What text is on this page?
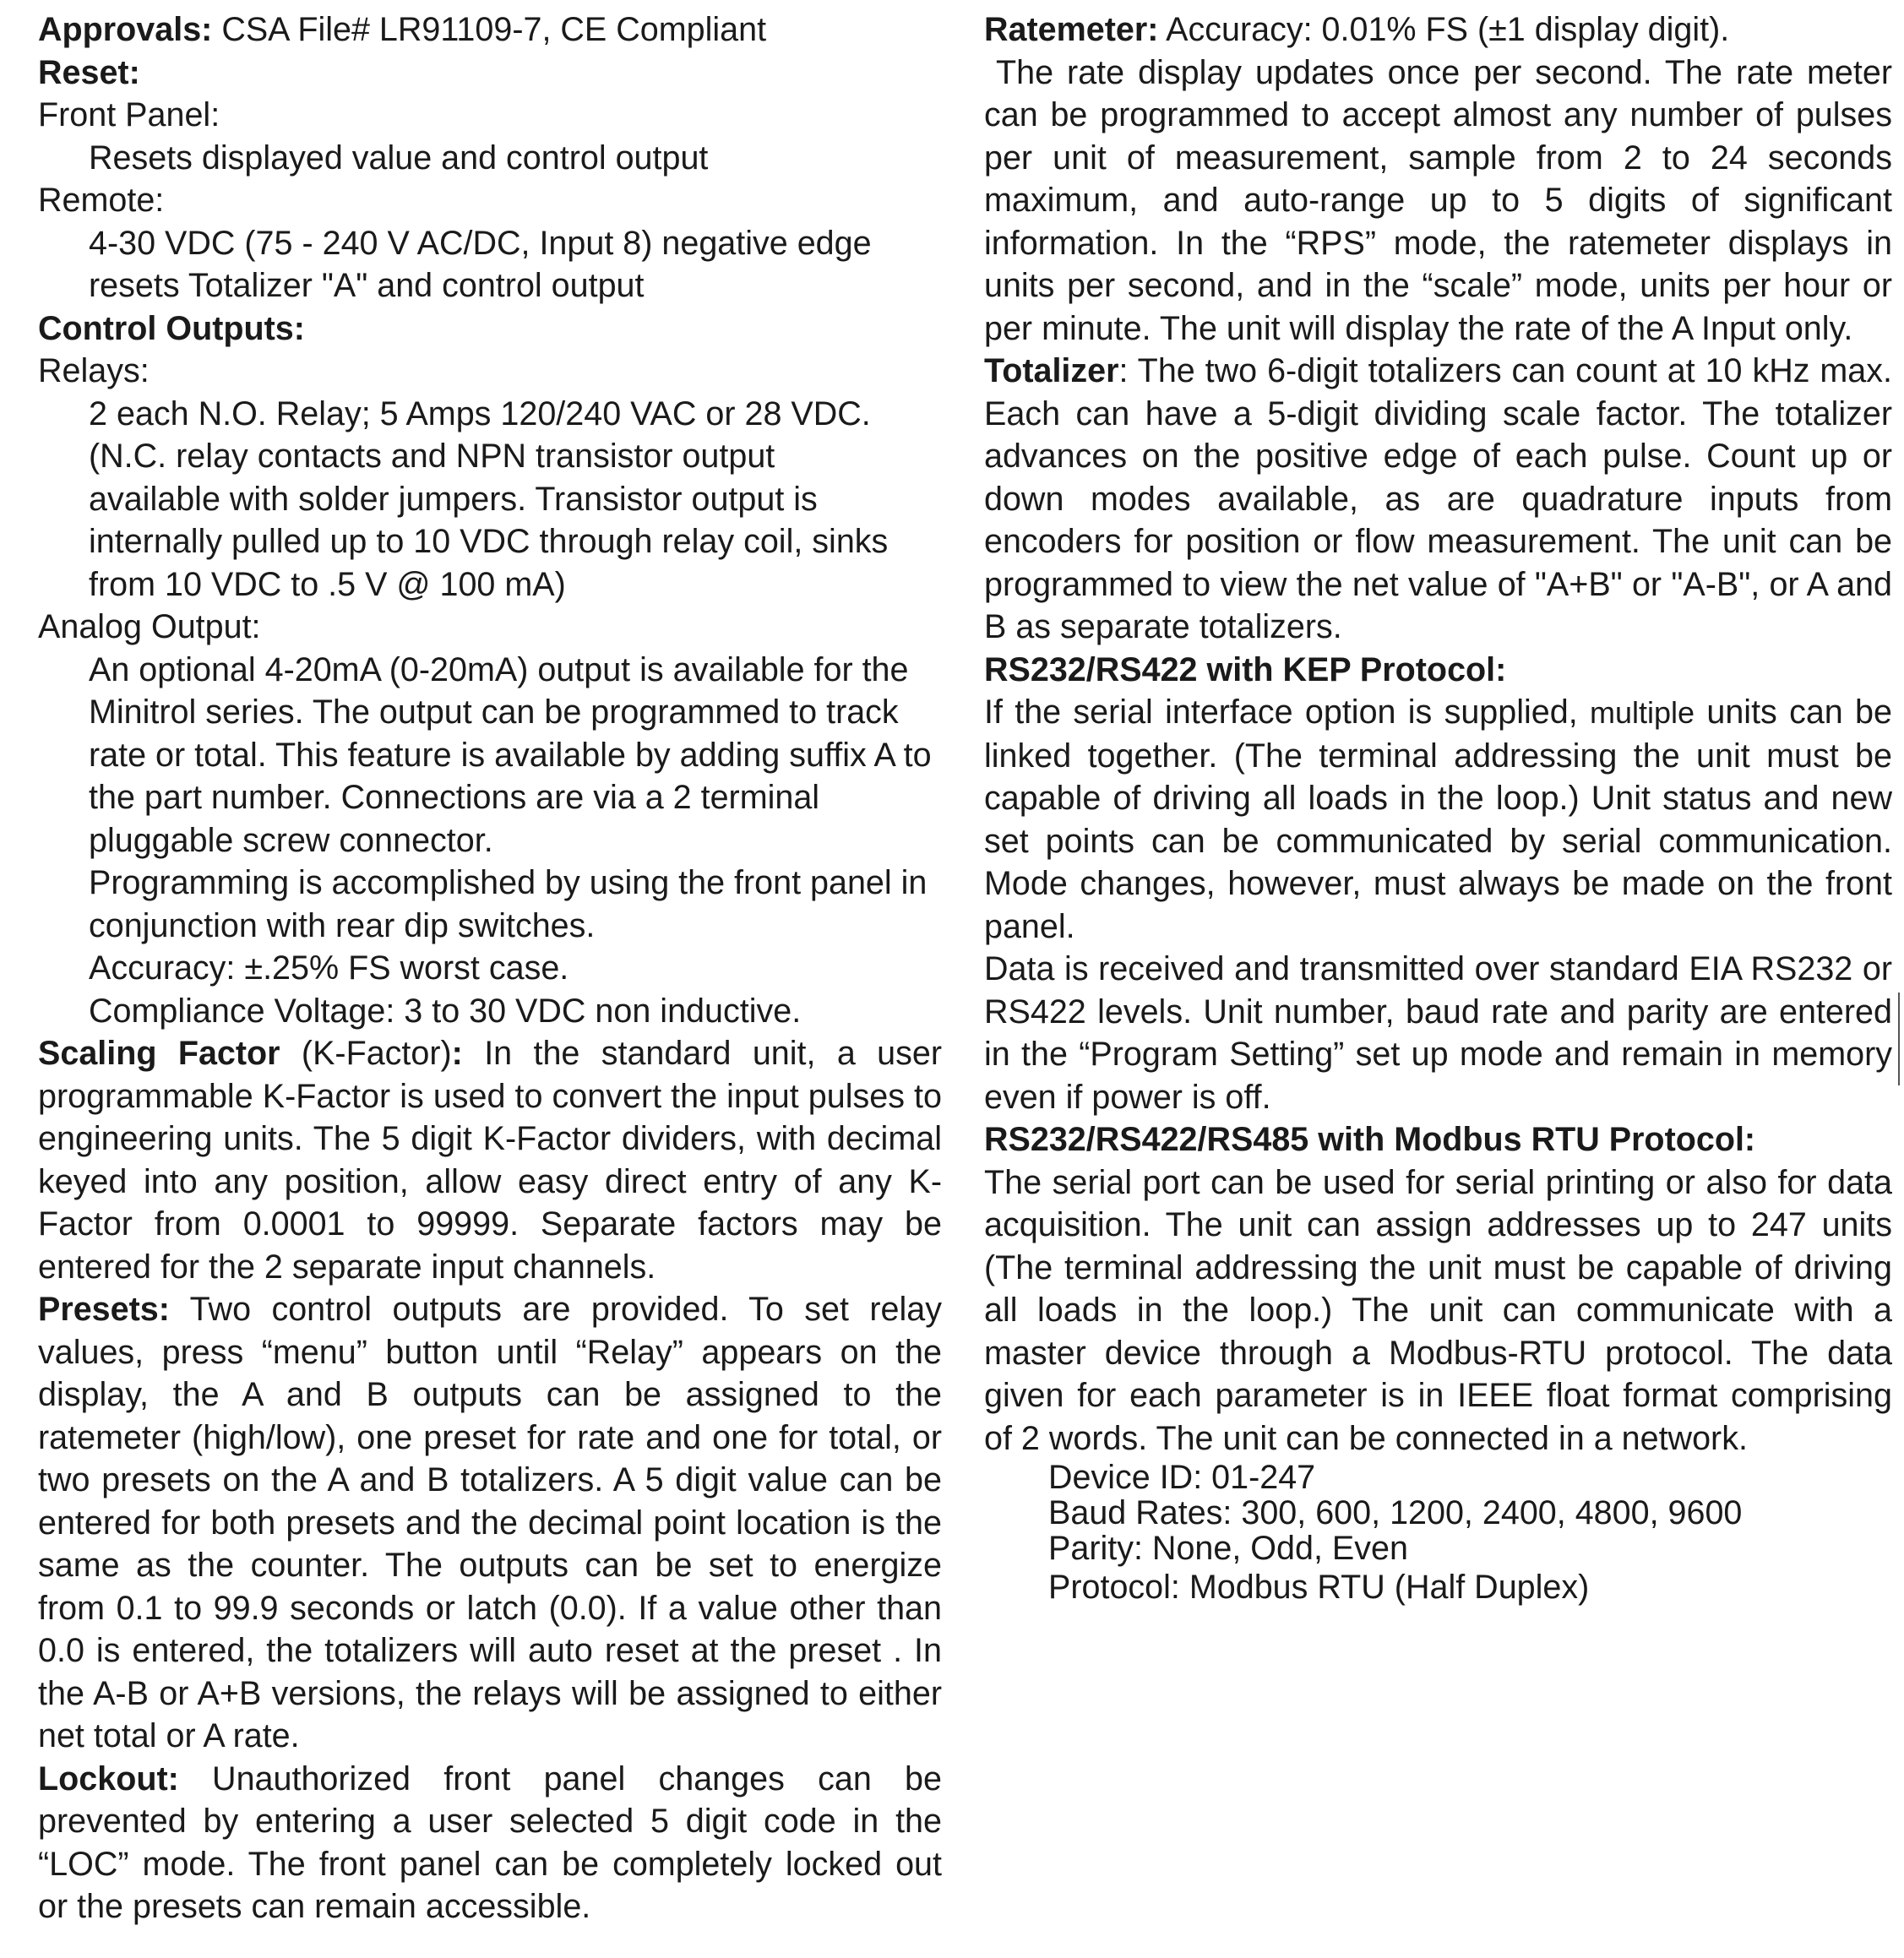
Approvals: CSA File# LR91109-7, CE Compliant
Reset:
Front Panel:
Resets displayed value and control output
Remote:
4-30 VDC (75 - 240 V AC/DC, Input 8) negative edge
resets Totalizer "A" and control output
Control Outputs:
Relays:
2 each N.O. Relay; 5 Amps 120/240 VAC or 28 VDC.
(N.C. relay contacts and NPN transistor output
available with solder jumpers. Transistor output is
internally pulled up to 10 VDC through relay coil, sinks
from 10 VDC to .5 V @ 100 mA)
Analog Output:
An optional 4-20mA (0-20mA) output is available for the Minitrol series. The output can be programmed to track rate or total. This feature is available by adding suffix A to the part number. Connections are via a 2 terminal pluggable screw connector.
Programming is accomplished by using the front panel in conjunction with rear dip switches.
Accuracy: ±.25% FS worst case.
Compliance Voltage: 3 to 30 VDC non inductive.
Scaling Factor (K-Factor): In the standard unit, a user programmable K-Factor is used to convert the input pulses to engineering units. The 5 digit K-Factor dividers, with decimal keyed into any position, allow easy direct entry of any K-Factor from 0.0001 to 99999. Separate factors may be entered for the 2 separate input channels.
Presets: Two control outputs are provided. To set relay values, press “menu” button until “Relay” appears on the display, the A and B outputs can be assigned to the ratemeter (high/low), one preset for rate and one for total, or two presets on the A and B totalizers. A 5 digit value can be entered for both presets and the decimal point location is the same as the counter. The outputs can be set to energize from 0.1 to 99.9 seconds or latch (0.0). If a value other than 0.0 is entered, the totalizers will auto reset at the preset . In the A-B or A+B versions, the relays will be assigned to either net total or A rate.
Lockout: Unauthorized front panel changes can be prevented by entering a user selected 5 digit code in the “LOC” mode. The front panel can be completely locked out or the presets can remain accessible.
Ratemeter: Accuracy: 0.01% FS (±1 display digit).
The rate display updates once per second. The rate meter can be programmed to accept almost any number of pulses per unit of measurement, sample from 2 to 24 seconds maximum, and auto-range up to 5 digits of significant information. In the “RPS” mode, the ratemeter displays in units per second, and in the “scale” mode, units per hour or per minute. The unit will display the rate of the A Input only.
Totalizer: The two 6-digit totalizers can count at 10 kHz max. Each can have a 5-digit dividing scale factor. The totalizer advances on the positive edge of each pulse. Count up or down modes available, as are quadrature inputs from encoders for position or flow measurement. The unit can be programmed to view the net value of "A+B" or "A-B", or A and B as separate totalizers.
RS232/RS422 with KEP Protocol:
If the serial interface option is supplied, multiple units can be linked together. (The terminal addressing the unit must be capable of driving all loads in the loop.) Unit status and new set points can be communicated by serial communication. Mode changes, however, must always be made on the front panel.
Data is received and transmitted over standard EIA RS232 or RS422 levels. Unit number, baud rate and parity are entered in the “Program Setting” set up mode and remain in memory even if power is off.
RS232/RS422/RS485 with Modbus RTU Protocol:
The serial port can be used for serial printing or also for data acquisition. The unit can assign addresses up to 247 units (The terminal addressing the unit must be capable of driving all loads in the loop.) The unit can communicate with a master device through a Modbus-RTU protocol. The data given for each parameter is in IEEE float format comprising of 2 words. The unit can be connected in a network.
Device ID: 01-247
Baud Rates: 300, 600, 1200, 2400, 4800, 9600
Parity: None, Odd, Even
Protocol: Modbus RTU (Half Duplex)
